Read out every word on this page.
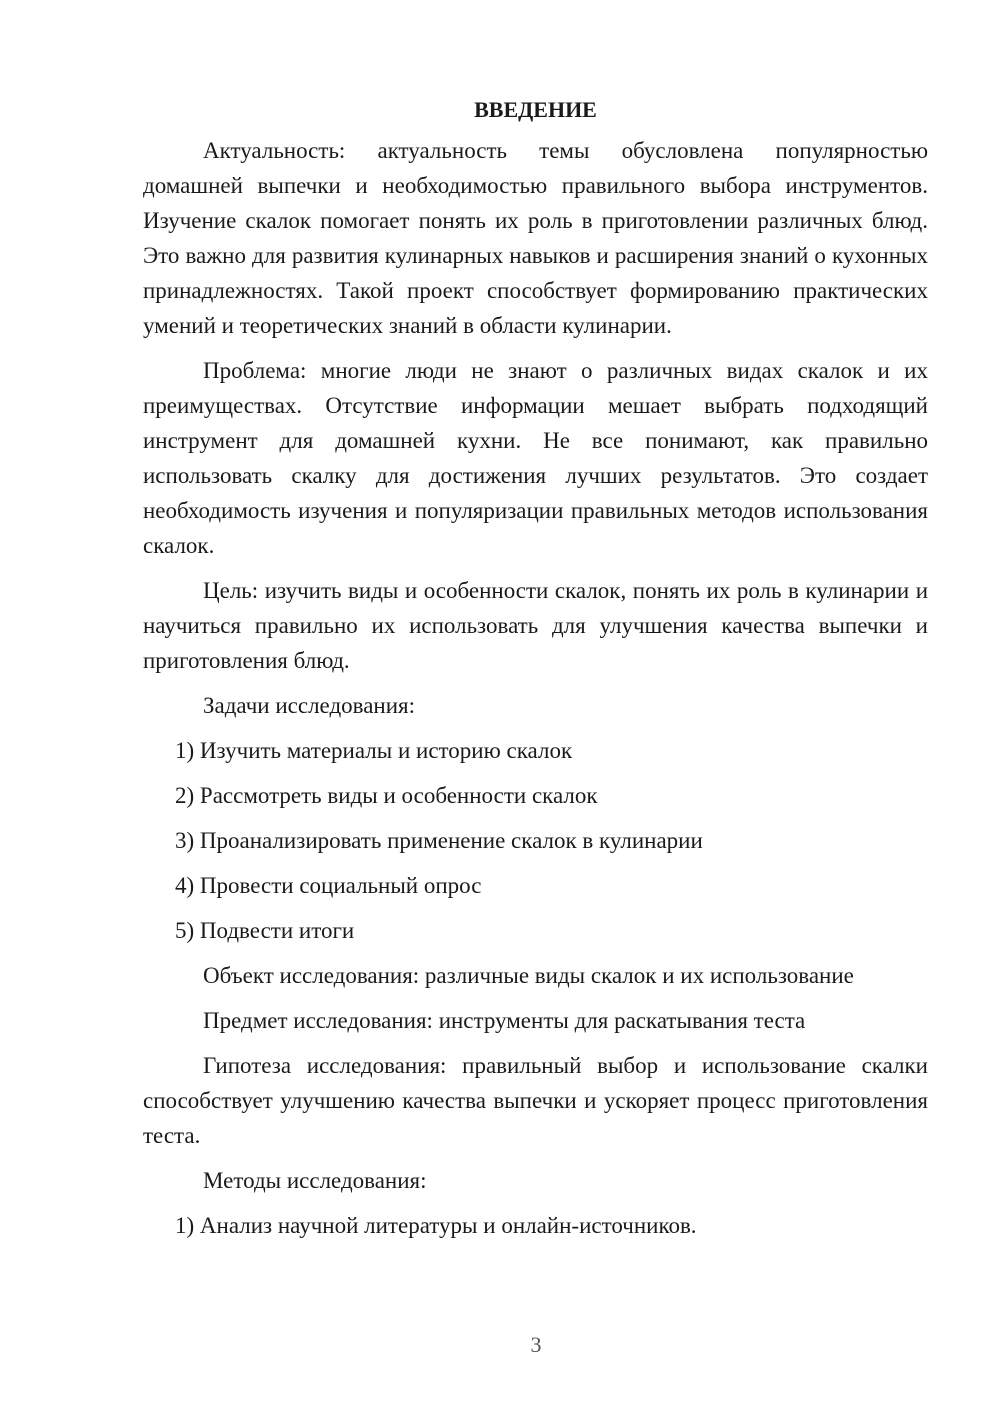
ВВЕДЕНИЕ

Актуальность: актуальность темы обусловлена популярностью домашней выпечки и необходимостью правильного выбора инструментов. Изучение скалок помогает понять их роль в приготовлении различных блюд. Это важно для развития кулинарных навыков и расширения знаний о кухонных принадлежностях. Такой проект способствует формированию практических умений и теоретических знаний в области кулинарии.

Проблема: многие люди не знают о различных видах скалок и их преимуществах. Отсутствие информации мешает выбрать подходящий инструмент для домашней кухни. Не все понимают, как правильно использовать скалку для достижения лучших результатов. Это создает необходимость изучения и популяризации правильных методов использования скалок.

Цель: изучить виды и особенности скалок, понять их роль в кулинарии и научиться правильно их использовать для улучшения качества выпечки и приготовления блюд.

Задачи исследования:

1) Изучить материалы и историю скалок

2) Рассмотреть виды и особенности скалок

3) Проанализировать применение скалок в кулинарии

4) Провести социальный опрос

5) Подвести итоги

Объект исследования: различные виды скалок и их использование

Предмет исследования: инструменты для раскатывания теста

Гипотеза исследования: правильный выбор и использование скалки способствует улучшению качества выпечки и ускоряет процесс приготовления теста.

Методы исследования:

1) Анализ научной литературы и онлайн-источников.

3
